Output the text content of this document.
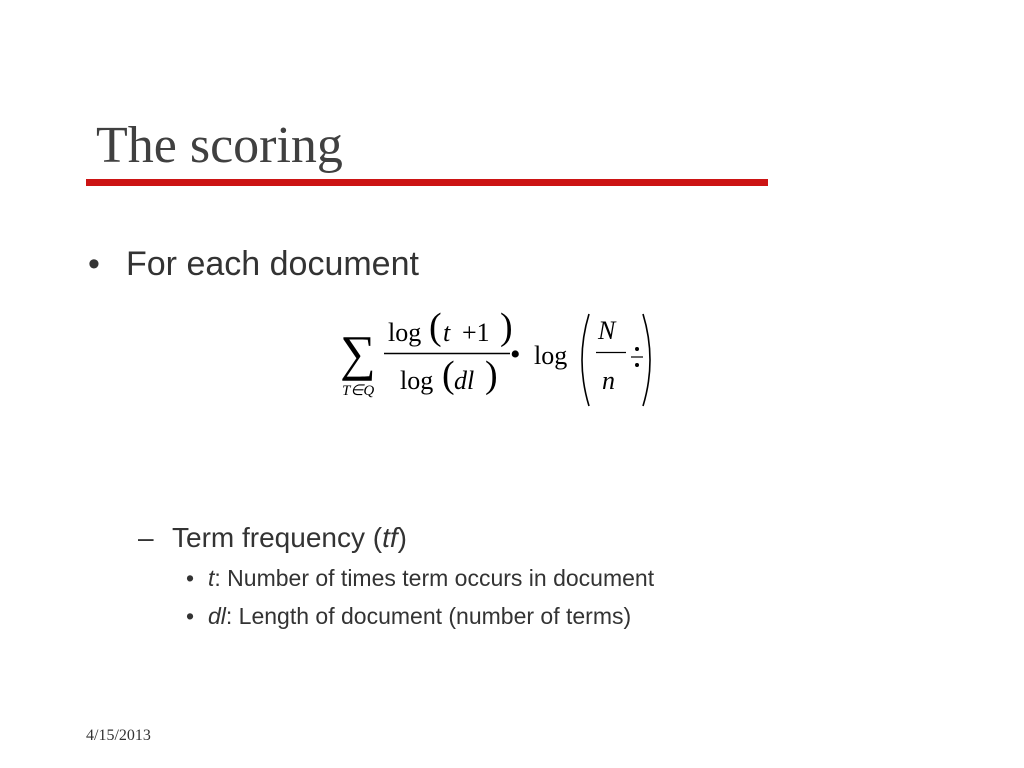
The scoring
• For each document
∑
T∈Q
log ( t +1 )
log ( dl ) • log
N
n
– Term frequency (tf)
• t: Number of times term occurs in document
• dl: Length of document (number of terms)
4/15/2013
